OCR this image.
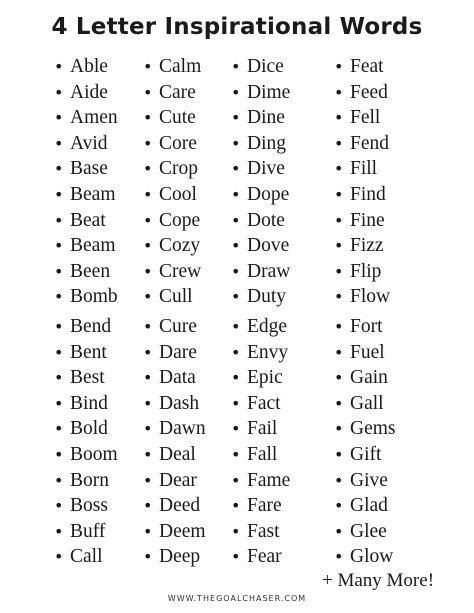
4 Letter Inspirational Words
• Able
• Aide
• Amen
• Avid
• Base
• Beam
• Beat
• Beam
• Been
• Bomb
• Bend
• Bent
• Best
• Bind
• Bold
• Boom
• Born
• Boss
• Buff
• Call
• Calm
• Care
• Cute
• Core
• Crop
• Cool
• Cope
• Cozy
• Crew
• Cull
• Cure
• Dare
• Data
• Dash
• Dawn
• Deal
• Dear
• Deed
• Deem
• Deep
• Dice
• Dime
• Dine
• Ding
• Dive
• Dope
• Dote
• Dove
• Draw
• Duty
• Edge
• Envy
• Epic
• Fact
• Fail
• Fall
• Fame
• Fare
• Fast
• Fear
• Feat
• Feed
• Fell
• Fend
• Fill
• Find
• Fine
• Fizz
• Flip
• Flow
• Fort
• Fuel
• Gain
• Gall
• Gems
• Gift
• Give
• Glad
• Glee
• Glow
+ Many More!
WWW.THEGOALCHASER.COM
